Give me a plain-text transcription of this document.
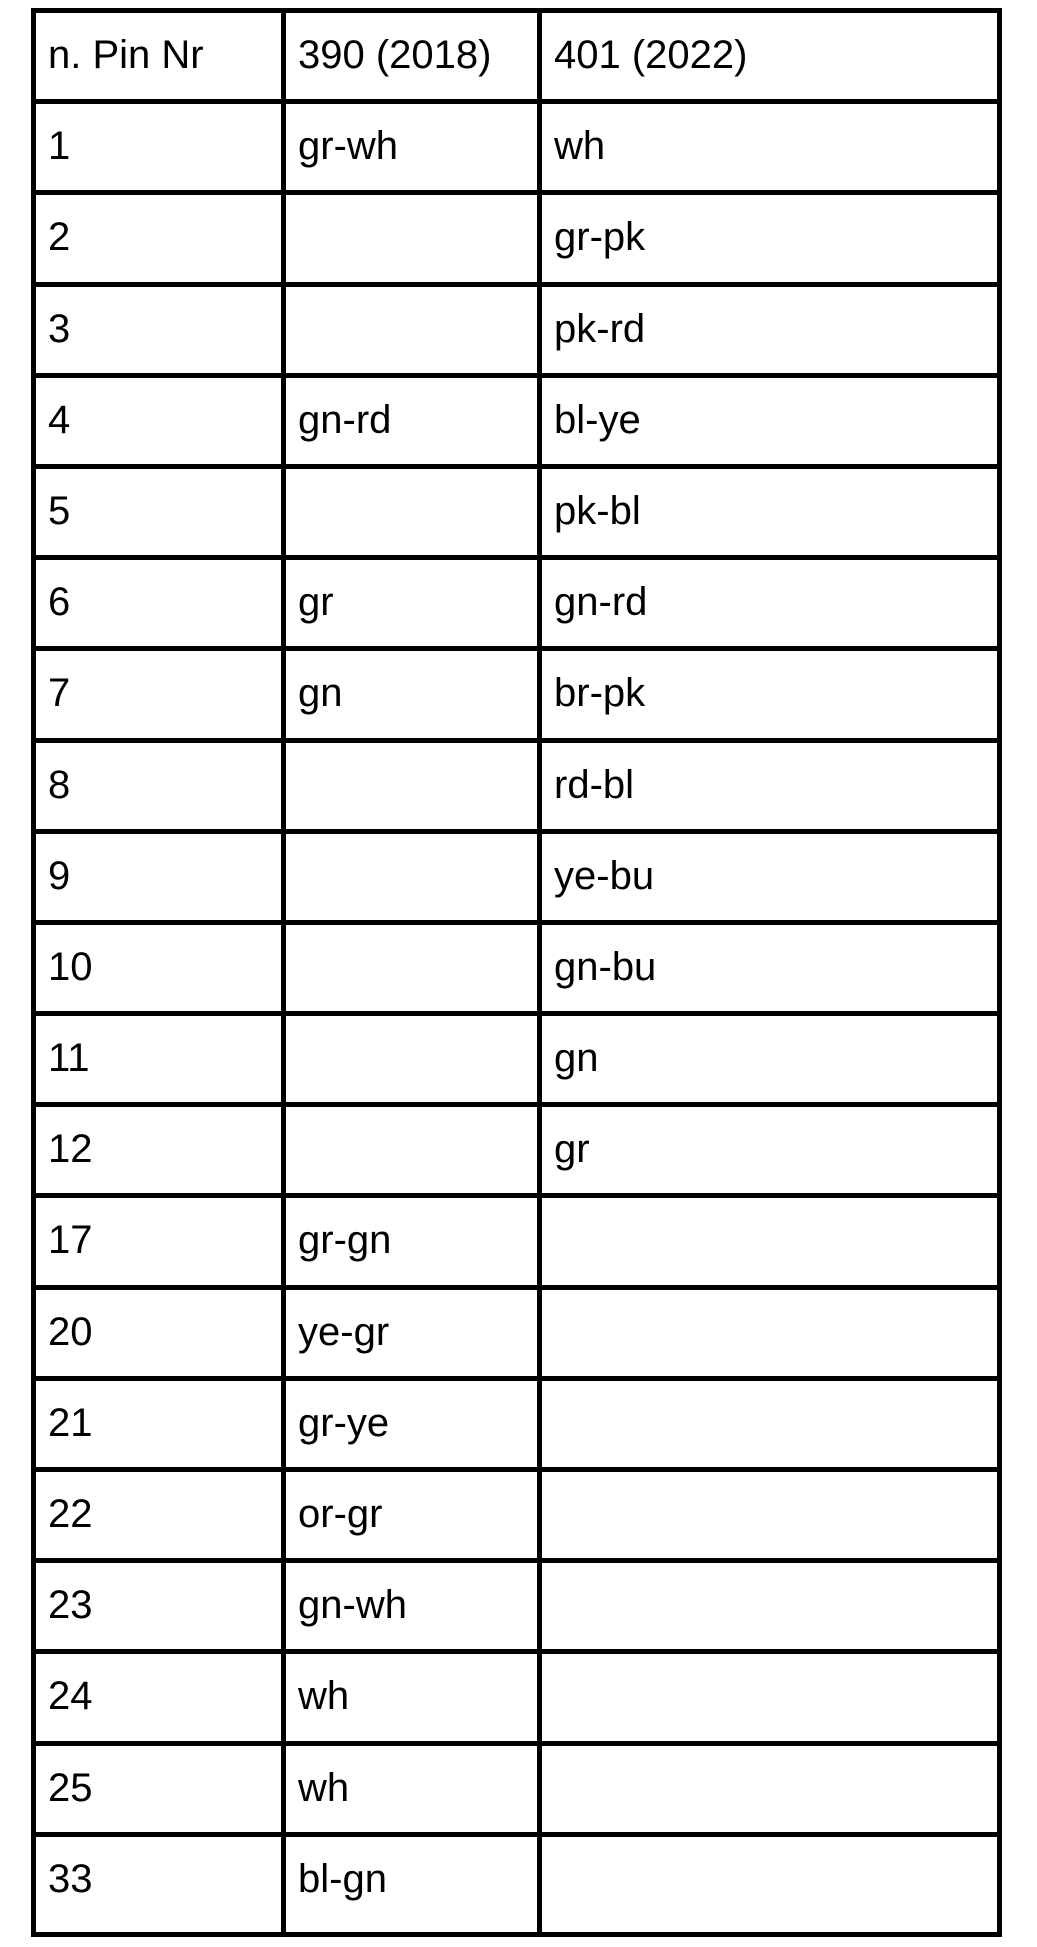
n. Pin Nr	390 (2018)	401 (2022)
1	gr-wh	wh
2		gr-pk
3		pk-rd
4	gn-rd	bl-ye
5		pk-bl
6	gr	gn-rd
7	gn	br-pk
8		rd-bl
9		ye-bu
10		gn-bu
11		gn
12		gr
17	gr-gn	
20	ye-gr	
21	gr-ye	
22	or-gr	
23	gn-wh	
24	wh	
25	wh	
33	bl-gn	
